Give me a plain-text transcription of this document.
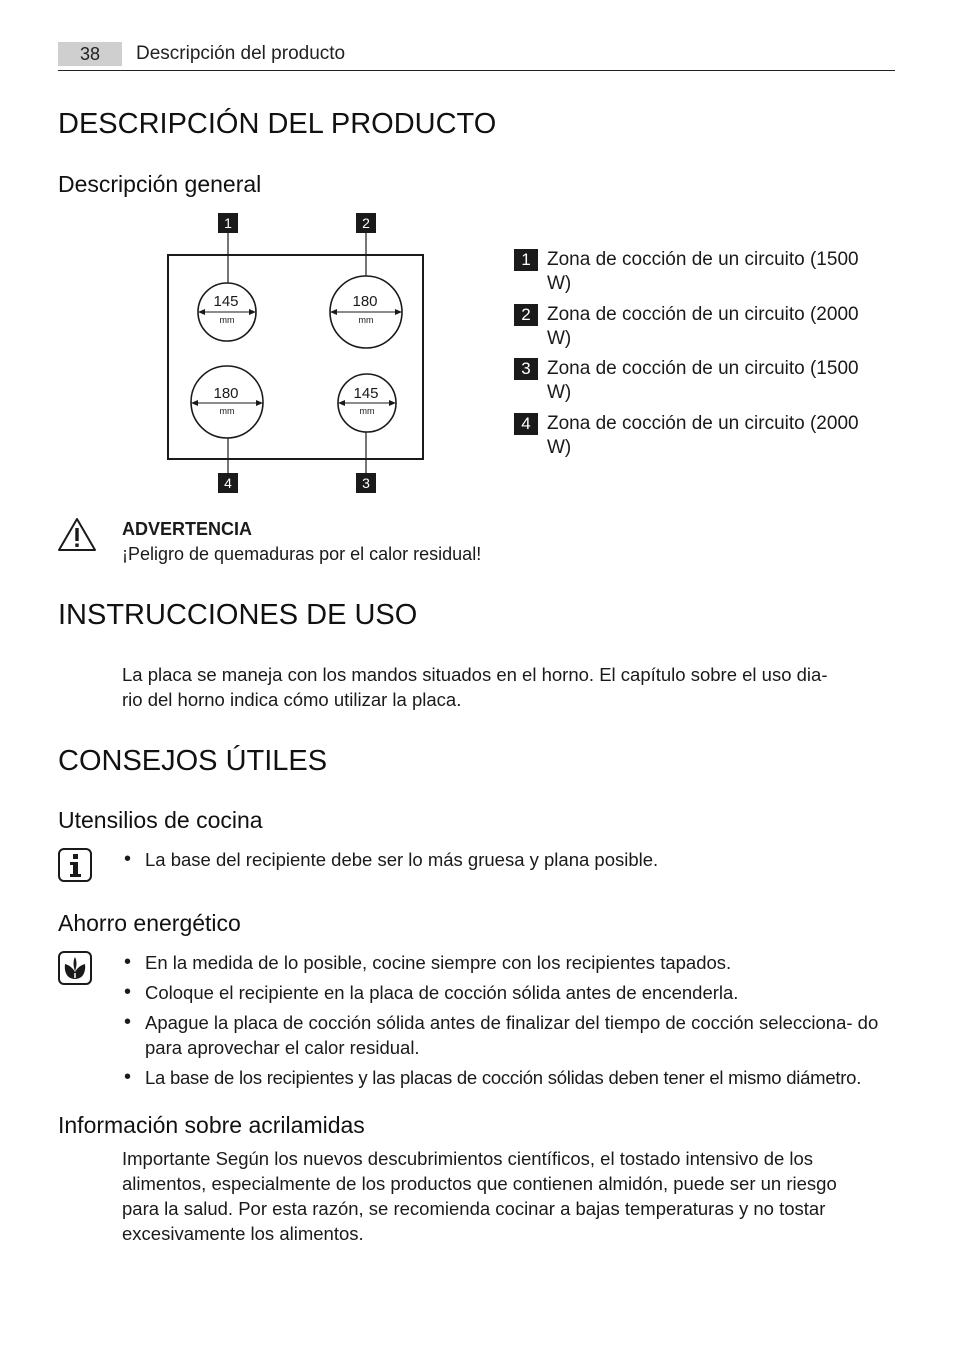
38	Descripción del producto
DESCRIPCIÓN DEL PRODUCTO
Descripción general
145
mm
180
mm
180
mm
145
mm
1	2
3
4
1 Zona de cocción de un circuito (1500 W)
2 Zona de cocción de un circuito (2000 W)
3 Zona de cocción de un circuito (1500 W)
4 Zona de cocción de un circuito (2000 W)
ADVERTENCIA
¡Peligro de quemaduras por el calor residual!
INSTRUCCIONES DE USO
La placa se maneja con los mandos situados en el horno. El capítulo sobre el uso dia-
rio del horno indica cómo utilizar la placa.
CONSEJOS ÚTILES
Utensilios de cocina
• La base del recipiente debe ser lo más gruesa y plana posible.
Ahorro energético
• En la medida de lo posible, cocine siempre con los recipientes tapados.
• Coloque el recipiente en la placa de cocción sólida antes de encenderla.
• Apague la placa de cocción sólida antes de finalizar del tiempo de cocción selecciona- do para aprovechar el calor residual.
• La base de los recipientes y las placas de cocción sólidas deben tener el mismo diámetro.
Información sobre acrilamidas
Importante Según los nuevos descubrimientos científicos, el tostado intensivo de los
alimentos, especialmente de los productos que contienen almidón, puede ser un riesgo
para la salud. Por esta razón, se recomienda cocinar a bajas temperaturas y no tostar
excesivamente los alimentos.
